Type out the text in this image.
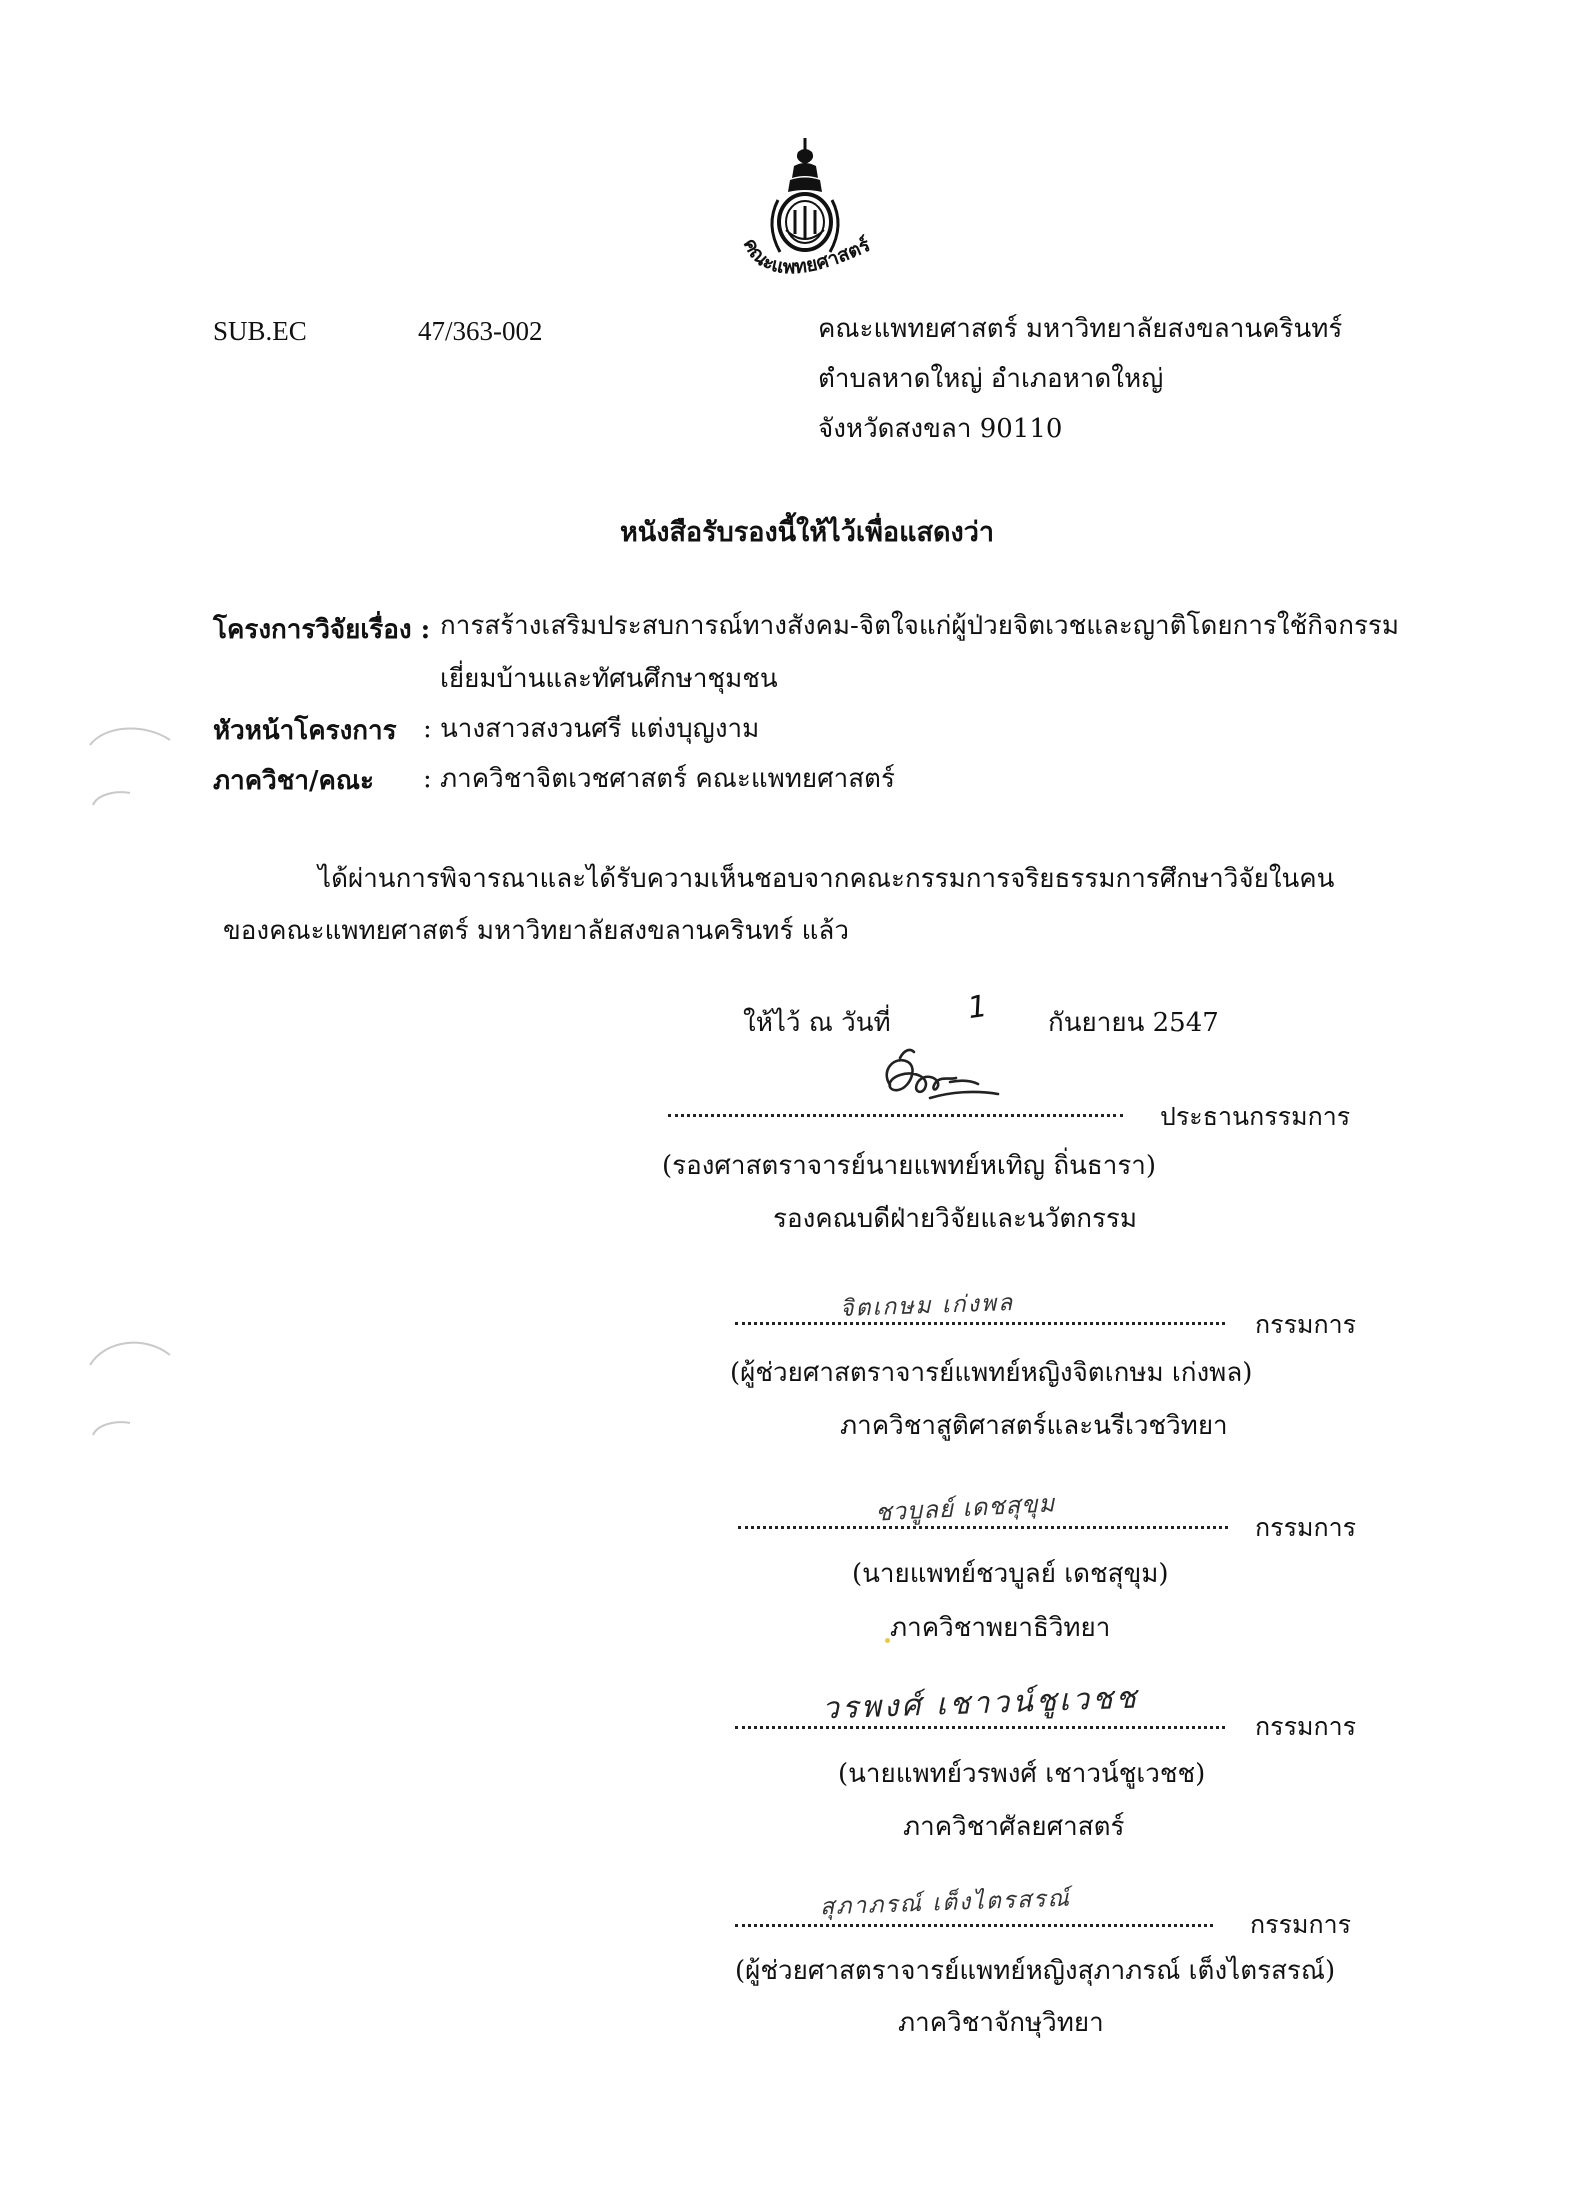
คณะแพทยศาสตร์
SUB.EC	47/363-002	คณะแพทยศาสตร์ มหาวิทยาลัยสงขลานครินทร์
ตำบลหาดใหญ่ อำเภอหาดใหญ่
จังหวัดสงขลา 90110
หนังสือรับรองนี้ให้ไว้เพื่อแสดงว่า
โครงการวิจัยเรื่อง : การสร้างเสริมประสบการณ์ทางสังคม-จิตใจแก่ผู้ป่วยจิตเวชและญาติโดยการใช้กิจกรรม
เยี่ยมบ้านและทัศนศึกษาชุมชน
หัวหน้าโครงการ : นางสาวสงวนศรี แต่งบุญงาม
ภาควิชา/คณะ : ภาควิชาจิตเวชศาสตร์ คณะแพทยศาสตร์
ได้ผ่านการพิจารณาและได้รับความเห็นชอบจากคณะกรรมการจริยธรรมการศึกษาวิจัยในคน
ของคณะแพทยศาสตร์ มหาวิทยาลัยสงขลานครินทร์ แล้ว
ให้ไว้ ณ วันที่ 1 กันยายน 2547
ประธานกรรมการ
(รองศาสตราจารย์นายแพทย์หเทิญ ถิ่นธารา)
รองคณบดีฝ่ายวิจัยและนวัตกรรม
จิตเกษม เก่งพล
กรรมการ
(ผู้ช่วยศาสตราจารย์แพทย์หญิงจิตเกษม เก่งพล)
ภาควิชาสูติศาสตร์และนรีเวชวิทยา
ชวบูลย์ เดชสุขุม
กรรมการ
(นายแพทย์ชวบูลย์ เดชสุขุม)
ภาควิชาพยาธิวิทยา
วรพงศ์ เชาวน์ชูเวชช	กรรมการ
(นายแพทย์วรพงศ์ เชาวน์ชูเวชช)
ภาควิชาศัลยศาสตร์
สุภาภรณ์ เต็งไตรสรณ์
กรรมการ
(ผู้ช่วยศาสตราจารย์แพทย์หญิงสุภาภรณ์ เต็งไตรสรณ์)
ภาควิชาจักษุวิทยา
